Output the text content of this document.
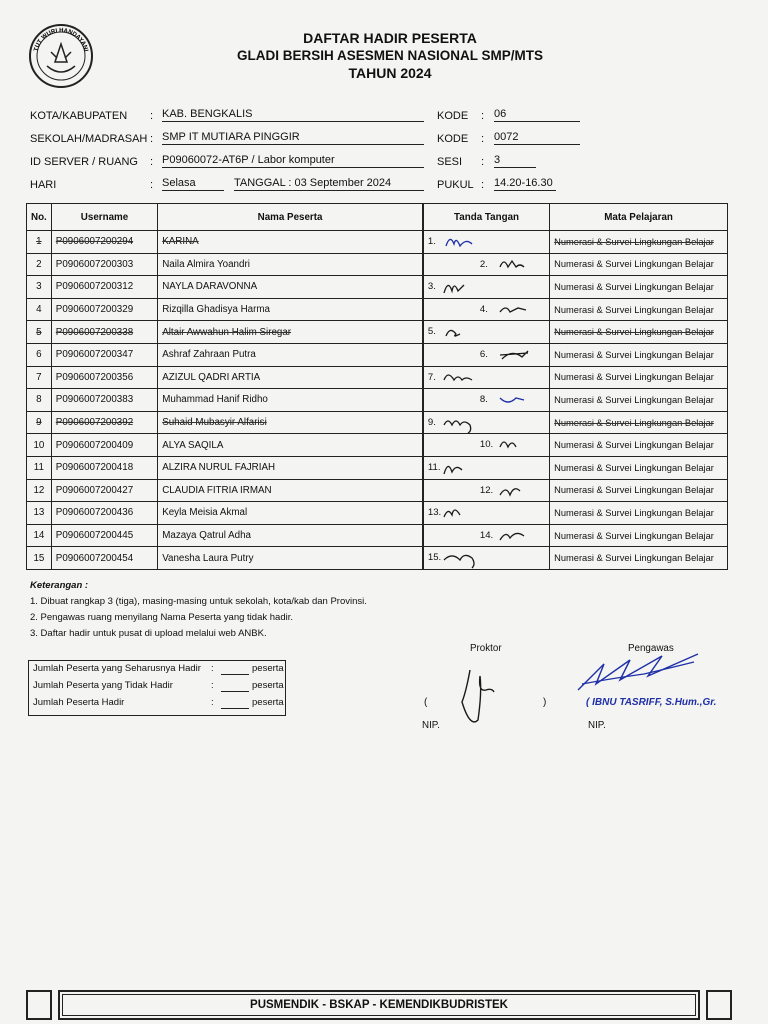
TUT WURI HANDAYANI
DAFTAR HADIR PESERTA
GLADI BERSIH ASESMEN NASIONAL SMP/MTS
TAHUN 2024
KOTA/KABUPATEN : KAB. BENGKALIS
SEKOLAH/MADRASAH : SMP IT MUTIARA PINGGIR
ID SERVER / RUANG : P09060072-AT6P / Labor komputer
HARI	: Selasa	TANGGAL : 03 September 2024
KODE : 06
KODE : 0072
SESI : 3
PUKUL : 14.20-16.30
No.	Username	Nama Peserta	Tanda Tangan	Mata Pelajaran
1	P0906007200294	KARINA	1.	Numerasi & Survei Lingkungan Belajar
2	P0906007200303	Naila Almira Yoandri	2.	Numerasi & Survei Lingkungan Belajar
3	P0906007200312	NAYLA DARAVONNA	3.	Numerasi & Survei Lingkungan Belajar
4	P0906007200329	Rizqilla Ghadisya Harma	4.	Numerasi & Survei Lingkungan Belajar
5	P0906007200338	Altair Awwahun Halim Siregar	5.	Numerasi & Survei Lingkungan Belajar
6	P0906007200347	Ashraf Zahraan Putra	6.	Numerasi & Survei Lingkungan Belajar
7	P0906007200356	AZIZUL QADRI ARTIA	7.	Numerasi & Survei Lingkungan Belajar
8	P0906007200383	Muhammad Hanif Ridho	8.	Numerasi & Survei Lingkungan Belajar
9	P0906007200392	Suhaid Mubasyir Alfarisi	9.	Numerasi & Survei Lingkungan Belajar
10	P0906007200409	ALYA SAQILA	10.	Numerasi & Survei Lingkungan Belajar
11	P0906007200418	ALZIRA NURUL FAJRIAH	11.	Numerasi & Survei Lingkungan Belajar
12	P0906007200427	CLAUDIA FITRIA IRMAN	12.	Numerasi & Survei Lingkungan Belajar
13	P0906007200436	Keyla Meisia Akmal	13.	Numerasi & Survei Lingkungan Belajar
14	P0906007200445	Mazaya Qatrul Adha	14.	Numerasi & Survei Lingkungan Belajar
15	P0906007200454	Vanesha Laura Putry	15.	Numerasi & Survei Lingkungan Belajar
Keterangan :
1. Dibuat rangkap 3 (tiga), masing-masing untuk sekolah, kota/kab dan Provinsi.
2. Pengawas ruang menyilang Nama Peserta yang tidak hadir.
3. Daftar hadir untuk pusat di upload melalui web ANBK.
Jumlah Peserta yang Seharusnya Hadir :	peserta
Jumlah Peserta yang Tidak Hadir	:	peserta
Jumlah Peserta Hadir	:	peserta
Proktor
(	)
NIP.
Pengawas
( IBNU TASRIFF, S.Hum.,Gr.
NIP.
PUSMENDIK - BSKAP - KEMENDIKBUDRISTEK
